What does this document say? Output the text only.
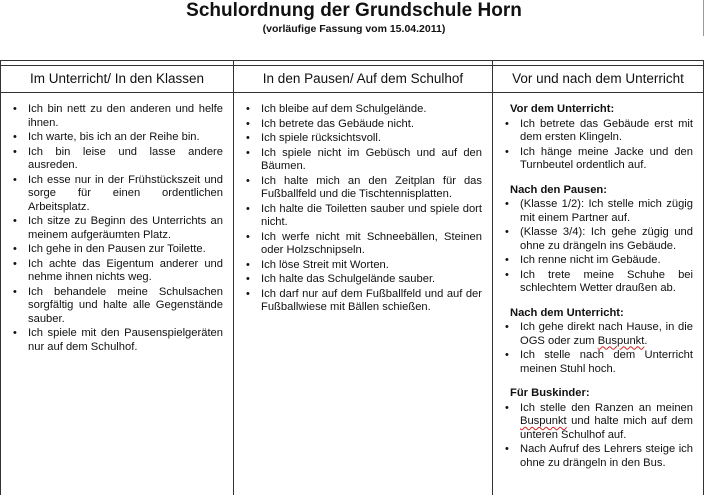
Schulordnung der Grundschule Horn
(vorläufige Fassung vom 15.04.2011)
Im Unterricht/ In den Klassen
• Ich bin nett zu den anderen und helfe ihnen.
• Ich warte, bis ich an der Reihe bin.
• Ich bin leise und lasse andere ausreden.
• Ich esse nur in der Frühstückszeit und sorge für einen ordentlichen Arbeitsplatz.
• Ich sitze zu Beginn des Unterrichts an meinem aufgeräumten Platz.
• Ich gehe in den Pausen zur Toilette.
• Ich achte das Eigentum anderer und nehme ihnen nichts weg.
• Ich behandele meine Schulsachen sorgfältig und halte alle Gegenstände sauber.
• Ich spiele mit den Pausenspielgeräten nur auf dem Schulhof.
In den Pausen/ Auf dem Schulhof
• Ich bleibe auf dem Schulgelände.
• Ich betrete das Gebäude nicht.
• Ich spiele rücksichtsvoll.
• Ich spiele nicht im Gebüsch und auf den Bäumen.
• Ich halte mich an den Zeitplan für das Fußballfeld und die Tischtennisplatten.
• Ich halte die Toiletten sauber und spiele dort nicht.
• Ich werfe nicht mit Schneebällen, Steinen oder Holzschnipseln.
• Ich löse Streit mit Worten.
• Ich halte das Schulgelände sauber.
• Ich darf nur auf dem Fußballfeld und auf der Fußballwiese mit Bällen schießen.
Vor und nach dem Unterricht
Vor dem Unterricht:
• Ich betrete das Gebäude erst mit dem ersten Klingeln.
• Ich hänge meine Jacke und den Turnbeutel ordentlich auf.
Nach den Pausen:
• (Klasse 1/2): Ich stelle mich zügig mit einem Partner auf.
• (Klasse 3/4): Ich gehe zügig und ohne zu drängeln ins Gebäude.
• Ich renne nicht im Gebäude.
• Ich trete meine Schuhe bei schlechtem Wetter draußen ab.
Nach dem Unterricht:
• Ich gehe direkt nach Hause, in die OGS oder zum Buspunkt.
• Ich stelle nach dem Unterricht meinen Stuhl hoch.
Für Buskinder:
• Ich stelle den Ranzen an meinen Buspunkt und halte mich auf dem unteren Schulhof auf.
• Nach Aufruf des Lehrers steige ich ohne zu drängeln in den Bus.
